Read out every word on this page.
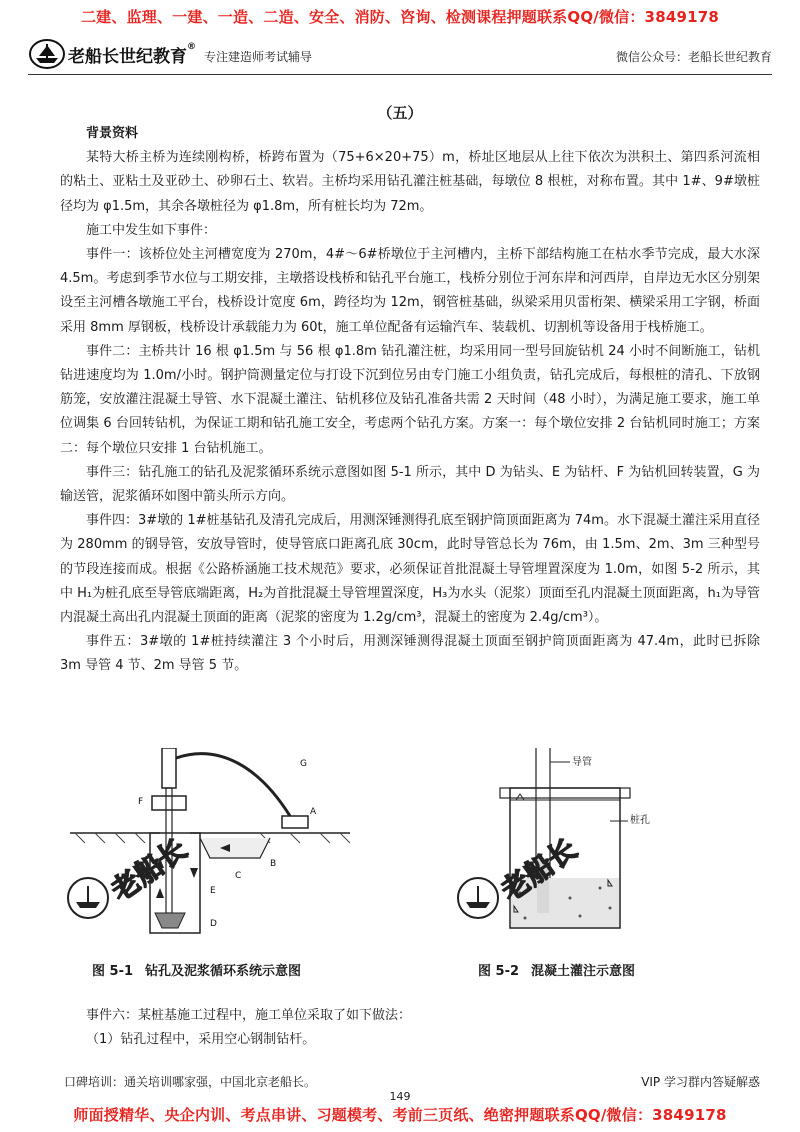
二建、监理、一建、一造、二造、安全、消防、咨询、检测课程押题联系QQ/微信：3849178
老船长世纪教育®
专注建造师考试辅导	微信公众号：老船长世纪教育
（五）

背景资料

某特大桥主桥为连续刚构桥，桥跨布置为（75+6×20+75）m，桥址区地层从上往下依次为洪积土、第四系河流相的粘土、亚粘土及亚砂土、砂卵石土、软岩。主桥均采用钻孔灌注桩基础，每墩位 8 根桩，对称布置。其中 1#、9#墩桩径均为 φ1.5m，其余各墩桩径为 φ1.8m，所有桩长均为 72m。

施工中发生如下事件：

事件一：该桥位处主河槽宽度为 270m，4#～6#桥墩位于主河槽内，主桥下部结构施工在枯水季节完成，最大水深 4.5m。考虑到季节水位与工期安排，主墩搭设栈桥和钻孔平台施工，栈桥分别位于河东岸和河西岸，自岸边无水区分别架设至主河槽各墩施工平台，栈桥设计宽度 6m，跨径均为 12m，钢管桩基础，纵梁采用贝雷桁架、横梁采用工字钢，桥面采用 8mm 厚钢板，栈桥设计承载能力为 60t，施工单位配备有运输汽车、装载机、切割机等设备用于栈桥施工。

事件二：主桥共计 16 根 φ1.5m 与 56 根 φ1.8m 钻孔灌注桩，均采用同一型号回旋钻机 24 小时不间断施工，钻机钻进速度均为 1.0m/小时。钢护筒测量定位与打设下沉到位另由专门施工小组负责，钻孔完成后，每根桩的清孔、下放钢筋笼，安放灌注混凝土导管、水下混凝土灌注、钻机移位及钻孔准备共需 2 天时间（48 小时），为满足施工要求，施工单位调集 6 台回转钻机，为保证工期和钻孔施工安全，考虑两个钻孔方案。方案一：每个墩位安排 2 台钻机同时施工；方案二：每个墩位只安排 1 台钻机施工。

事件三：钻孔施工的钻孔及泥浆循环系统示意图如图 5-1 所示，其中 D 为钻头、E 为钻杆、F 为钻机回转装置，G 为输送管，泥浆循环如图中箭头所示方向。

事件四：3#墩的 1#桩基钻孔及清孔完成后，用测深锤测得孔底至钢护筒顶面距离为 74m。水下混凝土灌注采用直径为 280mm 的钢导管，安放导管时，使导管底口距离孔底 30cm，此时导管总长为 76m，由 1.5m、2m、3m 三种型号的节段连接而成。根据《公路桥涵施工技术规范》要求，必须保证首批混凝土导管埋置深度为 1.0m，如图 5-2 所示，其中 H₁为桩孔底至导管底端距离，H₂为首批混凝土导管埋置深度，H₃为水头（泥浆）顶面至孔内混凝土顶面距离，h₁为导管内混凝土高出孔内混凝土顶面的距离（泥浆的密度为 1.2g/cm³，混凝土的密度为 2.4g/cm³）。

事件五：3#墩的 1#桩持续灌注 3 个小时后，用测深锤测得混凝土顶面至钢护筒顶面距离为 47.4m，此时已拆除 3m 导管 4 节、2m 导管 5 节。

G
A
F
B
C
E
D
老船长
导管
桩孔
老船长
图 5-1 钻孔及泥浆循环系统示意图	图 5-2 混凝土灌注示意图

事件六：某桩基施工过程中，施工单位采取了如下做法：

（1）钻孔过程中，采用空心钢制钻杆。

口碑培训：通关培训哪家强，中国北京老船长。	VIP 学习群内答疑解惑
149
师面授精华、央企内训、考点串讲、习题模考、考前三页纸、绝密押题联系QQ/微信：3849178
